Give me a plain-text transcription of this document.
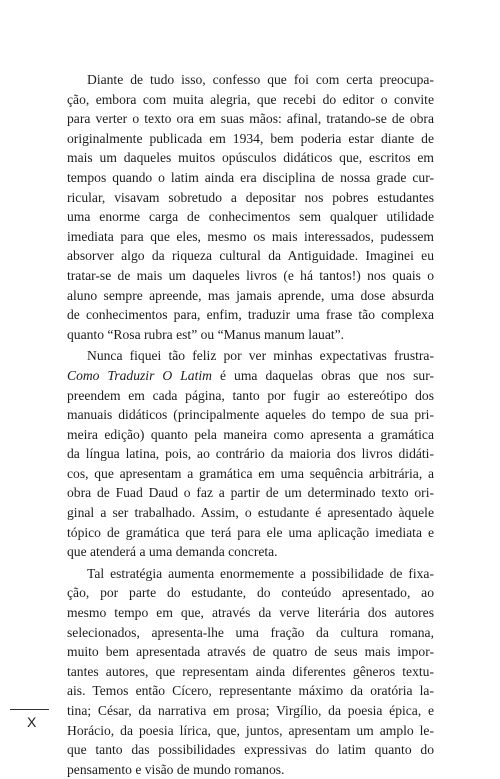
Diante de tudo isso, confesso que foi com certa preocupa-
ção, embora com muita alegria, que recebi do editor o convite
para verter o texto ora em suas mãos: afinal, tratando-se de obra
originalmente publicada em 1934, bem poderia estar diante de
mais um daqueles muitos opúsculos didáticos que, escritos em
tempos quando o latim ainda era disciplina de nossa grade cur-
ricular, visavam sobretudo a depositar nos pobres estudantes
uma enorme carga de conhecimentos sem qualquer utilidade
imediata para que eles, mesmo os mais interessados, pudessem
absorver algo da riqueza cultural da Antiguidade. Imaginei eu
tratar-se de mais um daqueles livros (e há tantos!) nos quais o
aluno sempre apreende, mas jamais aprende, uma dose absurda
de conhecimentos para, enfim, traduzir uma frase tão complexa
quanto “Rosa rubra est” ou “Manus manum lauat”.
Nunca fiquei tão feliz por ver minhas expectativas frustra-
Como Traduzir O Latim é uma daquelas obras que nos sur-
preendem em cada página, tanto por fugir ao estereótipo dos
manuais didáticos (principalmente aqueles do tempo de sua pri-
meira edição) quanto pela maneira como apresenta a gramática
da língua latina, pois, ao contrário da maioria dos livros didáti-
cos, que apresentam a gramática em uma sequência arbitrária, a
obra de Fuad Daud o faz a partir de um determinado texto ori-
ginal a ser trabalhado. Assim, o estudante é apresentado àquele
tópico de gramática que terá para ele uma aplicação imediata e
que atenderá a uma demanda concreta.
Tal estratégia aumenta enormemente a possibilidade de fixa-
ção, por parte do estudante, do conteúdo apresentado, ao
mesmo tempo em que, através da verve literária dos autores
selecionados, apresenta-lhe uma fração da cultura romana,
muito bem apresentada através de quatro de seus mais impor-
tantes autores, que representam ainda diferentes gêneros textu-
ais. Temos então Cícero, representante máximo da oratória la-
tina; César, da narrativa em prosa; Virgílio, da poesia épica, e
Horácio, da poesia lírica, que, juntos, apresentam um amplo le-
que tanto das possibilidades expressivas do latim quanto do
pensamento e visão de mundo romanos.
X
